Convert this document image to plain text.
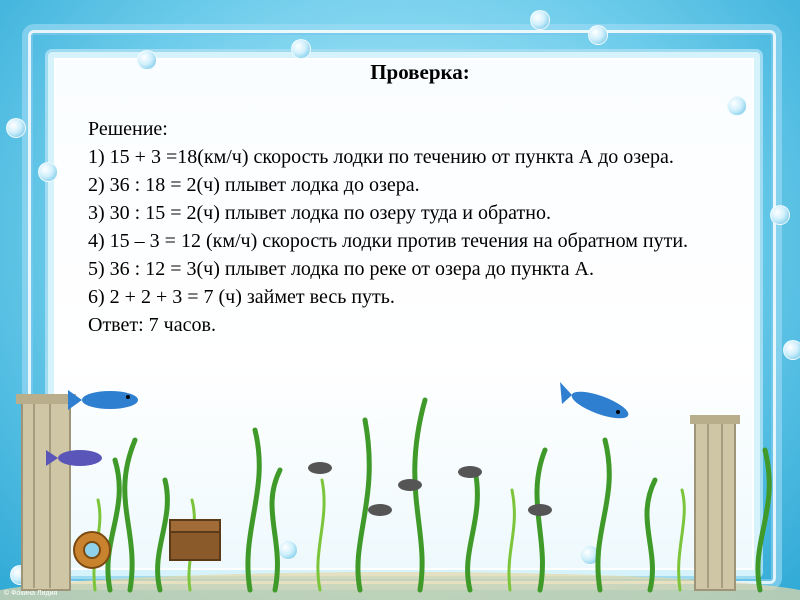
Проверка:

Решение:

1) 15 + 3 =18(км/ч) скорость лодки по течению от пункта А до озера.

2) 36 : 18 = 2(ч) плывет лодка до озера.

3) 30 : 15 = 2(ч) плывет лодка по озеру туда и обратно.

4) 15 – 3 = 12 (км/ч) скорость лодки против течения на обратном пути.

5) 36 : 12 = 3(ч) плывет лодка по реке от озера до пункта А.

6) 2 + 2 + 3 = 7 (ч) займет весь путь.

Ответ: 7 часов.

© Фокина Лидия
